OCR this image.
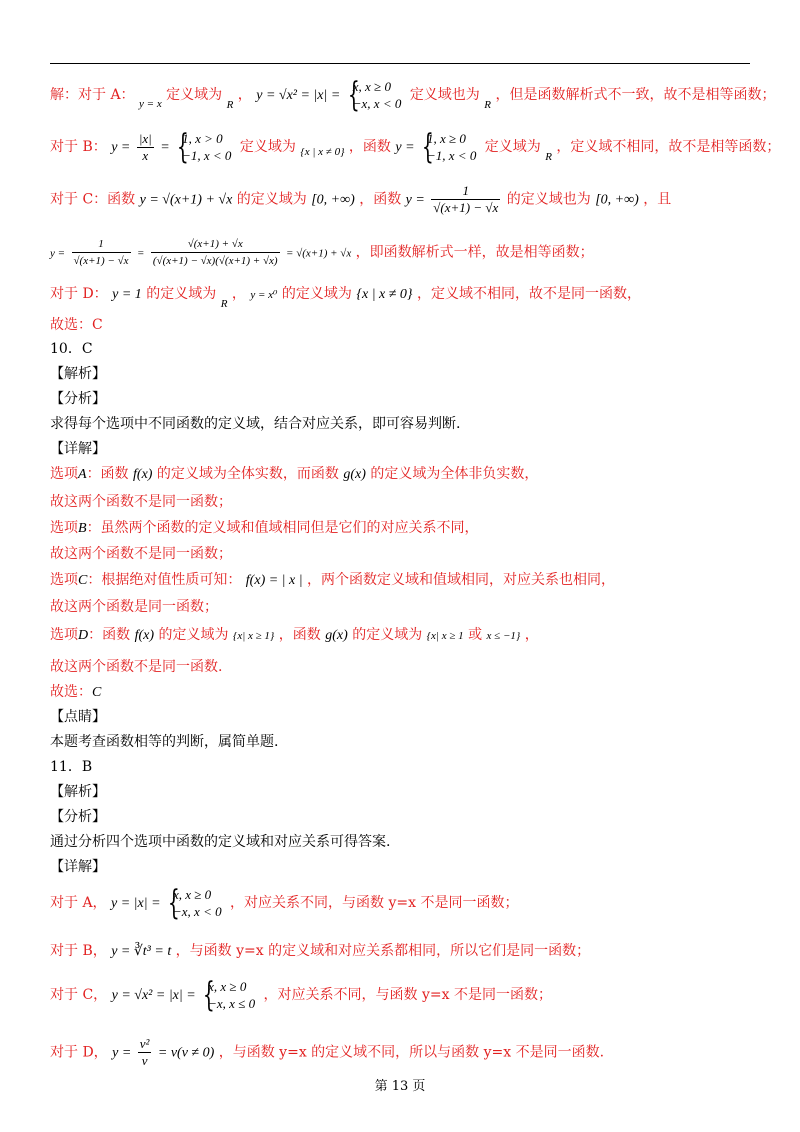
解：对于 A： $_{y = x}$ 定义域为 $_R$ ， y = √x² = |x| =
{ x, x ≥ 0
−x, x < 0
定义域也为 $_R$ ，但是函数解析式不一致，故不是相等函数；
对于 B： $y = \frac{|x|}{x}$ =
{ 1, x > 0
−1, x < 0
定义域为 $_{\{x | x \ne 0\}}$ ，函数 y =
{ 1, x ≥ 0
−1, x < 0
定义域为 $_R$ ，定义域不相同，故不是相等函数；
对于 C：函数 y = √(x+1) + √x 的定义域为 [0, +∞) ，函数 $y = \frac{1}{√(x+1) - √x}$ 的定义域也为 [0, +∞) ，且
$y = \frac{1}{√(x+1) - √x} = \frac{√(x+1) + √x}{(√(x+1) - √x)(√(x+1) + √x)} = √(x+1) + √x$ ，即函数解析式一样，故是相等函数；
对于 D： y = 1 的定义域为 $_R$ ， y = x⁰ 的定义域为 {x | x ≠ 0} ，定义域不相同，故不是同一函数，
故选：C
10．C
【解析】
【分析】
求得每个选项中不同函数的定义域，结合对应关系，即可容易判断.
【详解】
选项A：函数 f(x) 的定义域为全体实数，而函数 g(x) 的定义域为全体非负实数，
故这两个函数不是同一函数；
选项B：虽然两个函数的定义域和值域相同但是它们的对应关系不同，
故这两个函数不是同一函数；
选项C：根据绝对值性质可知： f(x) = | x | ，两个函数定义域和值域相同，对应关系也相同，
故这两个函数是同一函数；
选项D：函数 f(x) 的定义域为 {x| x ≥ 1} ，函数 g(x) 的定义域为 {x| x ≥ 1 或 x ≤ −1} ，
故这两个函数不是同一函数.
故选：C
【点睛】
本题考查函数相等的判断，属简单题.
11．B
【解析】
【分析】
通过分析四个选项中函数的定义域和对应关系可得答案.
【详解】
对于 A， y = |x| =
{ x, x ≥ 0
−x, x < 0
，对应关系不同，与函数 y=x 不是同一函数；
对于 B， y = ∛t³ = t ，与函数 y=x 的定义域和对应关系都相同，所以它们是同一函数；
对于 C， y = √x² = |x| =
{ x, x ≥ 0
−x, x ≤ 0
，对应关系不同，与函数 y=x 不是同一函数；
对于 D， $y = \frac{\text{v²}}{v} = v(v \ne 0)$ ，与函数 y=x 的定义域不同，所以与函数 y=x 不是同一函数.
第 13 页
